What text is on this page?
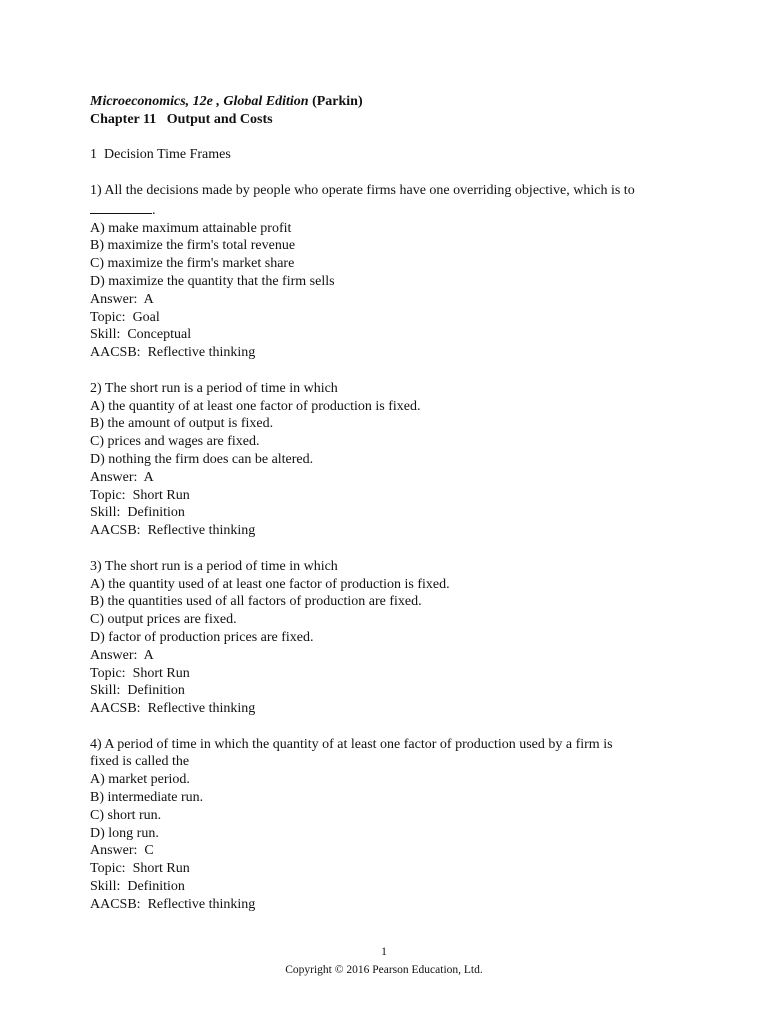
Microeconomics, 12e , Global Edition (Parkin)
Chapter 11   Output and Costs
1  Decision Time Frames
1) All the decisions made by people who operate firms have one overriding objective, which is to
.
A) make maximum attainable profit
B) maximize the firm's total revenue
C) maximize the firm's market share
D) maximize the quantity that the firm sells
Answer:  A
Topic:  Goal
Skill:  Conceptual
AACSB:  Reflective thinking
2) The short run is a period of time in which
A) the quantity of at least one factor of production is fixed.
B) the amount of output is fixed.
C) prices and wages are fixed.
D) nothing the firm does can be altered.
Answer:  A
Topic:  Short Run
Skill:  Definition
AACSB:  Reflective thinking
3) The short run is a period of time in which
A) the quantity used of at least one factor of production is fixed.
B) the quantities used of all factors of production are fixed.
C) output prices are fixed.
D) factor of production prices are fixed.
Answer:  A
Topic:  Short Run
Skill:  Definition
AACSB:  Reflective thinking
4) A period of time in which the quantity of at least one factor of production used by a firm is
fixed is called the
A) market period.
B) intermediate run.
C) short run.
D) long run.
Answer:  C
Topic:  Short Run
Skill:  Definition
AACSB:  Reflective thinking
1
Copyright © 2016 Pearson Education, Ltd.
